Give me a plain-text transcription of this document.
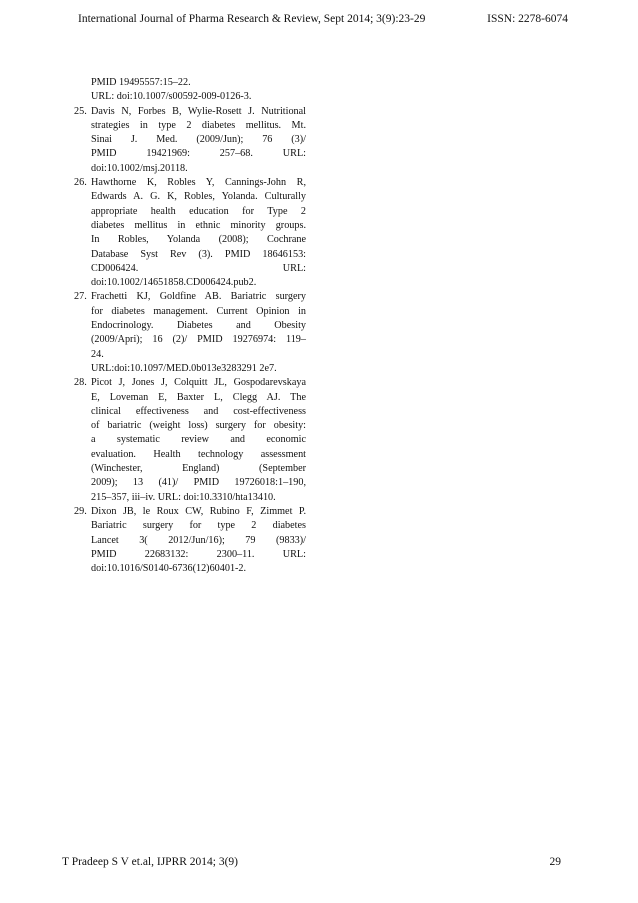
International Journal of Pharma Research & Review, Sept 2014; 3(9):23-29	ISSN: 2278-6074
PMID 19495557:15–22.
URL: doi:10.1007/s00592-009-0126-3.
25. Davis N, Forbes B, Wylie-Rosett J. Nutritional
strategies in type 2 diabetes mellitus. Mt.
Sinai J. Med. (2009/Jun); 76 (3)/
PMID 19421969: 257–68. URL:
doi:10.1002/msj.20118.
26. Hawthorne K, Robles Y, Cannings-John R,
Edwards A. G. K, Robles, Yolanda. Culturally
appropriate health education for Type 2
diabetes mellitus in ethnic minority groups.
In Robles, Yolanda (2008); Cochrane
Database Syst Rev (3). PMID 18646153:
CD006424. URL:
doi:10.1002/14651858.CD006424.pub2.
27. Frachetti KJ, Goldfine AB. Bariatric surgery
for diabetes management. Current Opinion in
Endocrinology. Diabetes and Obesity
(2009/Apri); 16 (2)/ PMID 19276974: 119–
24.
URL:doi:10.1097/MED.0b013e3283291 2e7.
28. Picot J, Jones J, Colquitt JL, Gospodarevskaya
E, Loveman E, Baxter L, Clegg AJ. The
clinical effectiveness and cost-effectiveness
of bariatric (weight loss) surgery for obesity:
a systematic review and economic
evaluation. Health technology assessment
(Winchester, England) (September
2009); 13 (41)/ PMID 19726018:1–190,
215–357, iii–iv. URL: doi:10.3310/hta13410.
29. Dixon JB, le Roux CW, Rubino F, Zimmet P.
Bariatric surgery for type 2 diabetes
Lancet 3( 2012/Jun/16); 79 (9833)/
PMID 22683132: 2300–11. URL:
doi:10.1016/S0140-6736(12)60401-2.
T Pradeep S V et.al, IJPRR 2014; 3(9)	29
